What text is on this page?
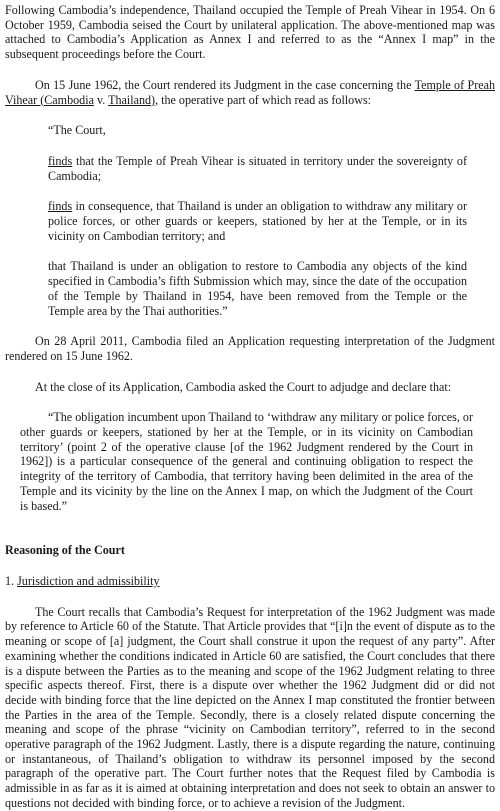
Following Cambodia’s independence, Thailand occupied the Temple of Preah Vihear in 1954. On 6 October 1959, Cambodia seised the Court by unilateral application. The above-mentioned map was attached to Cambodia’s Application as Annex I and referred to as the “Annex I map” in the subsequent proceedings before the Court.

On 15 June 1962, the Court rendered its Judgment in the case concerning the Temple of Preah Vihear (Cambodia v. Thailand), the operative part of which read as follows:

“The Court,

finds that the Temple of Preah Vihear is situated in territory under the sovereignty of Cambodia;

finds in consequence, that Thailand is under an obligation to withdraw any military or police forces, or other guards or keepers, stationed by her at the Temple, or in its vicinity on Cambodian territory; and

that Thailand is under an obligation to restore to Cambodia any objects of the kind specified in Cambodia’s fifth Submission which may, since the date of the occupation of the Temple by Thailand in 1954, have been removed from the Temple or the Temple area by the Thai authorities.”

On 28 April 2011, Cambodia filed an Application requesting interpretation of the Judgment rendered on 15 June 1962.

At the close of its Application, Cambodia asked the Court to adjudge and declare that:

“The obligation incumbent upon Thailand to ‘withdraw any military or police forces, or other guards or keepers, stationed by her at the Temple, or in its vicinity on Cambodian territory’ (point 2 of the operative clause [of the 1962 Judgment rendered by the Court in 1962]) is a particular consequence of the general and continuing obligation to respect the integrity of the territory of Cambodia, that territory having been delimited in the area of the Temple and its vicinity by the line on the Annex I map, on which the Judgment of the Court is based.”

Reasoning of the Court

1. Jurisdiction and admissibility

The Court recalls that Cambodia’s Request for interpretation of the 1962 Judgment was made by reference to Article 60 of the Statute. That Article provides that “[i]n the event of dispute as to the meaning or scope of [a] judgment, the Court shall construe it upon the request of any party”. After examining whether the conditions indicated in Article 60 are satisfied, the Court concludes that there is a dispute between the Parties as to the meaning and scope of the 1962 Judgment relating to three specific aspects thereof. First, there is a dispute over whether the 1962 Judgment did or did not decide with binding force that the line depicted on the Annex I map constituted the frontier between the Parties in the area of the Temple. Secondly, there is a closely related dispute concerning the meaning and scope of the phrase “vicinity on Cambodian territory”, referred to in the second operative paragraph of the 1962 Judgment. Lastly, there is a dispute regarding the nature, continuing or instantaneous, of Thailand’s obligation to withdraw its personnel imposed by the second paragraph of the operative part. The Court further notes that the Request filed by Cambodia is admissible in as far as it is aimed at obtaining interpretation and does not seek to obtain an answer to questions not decided with binding force, or to achieve a revision of the Judgment.
